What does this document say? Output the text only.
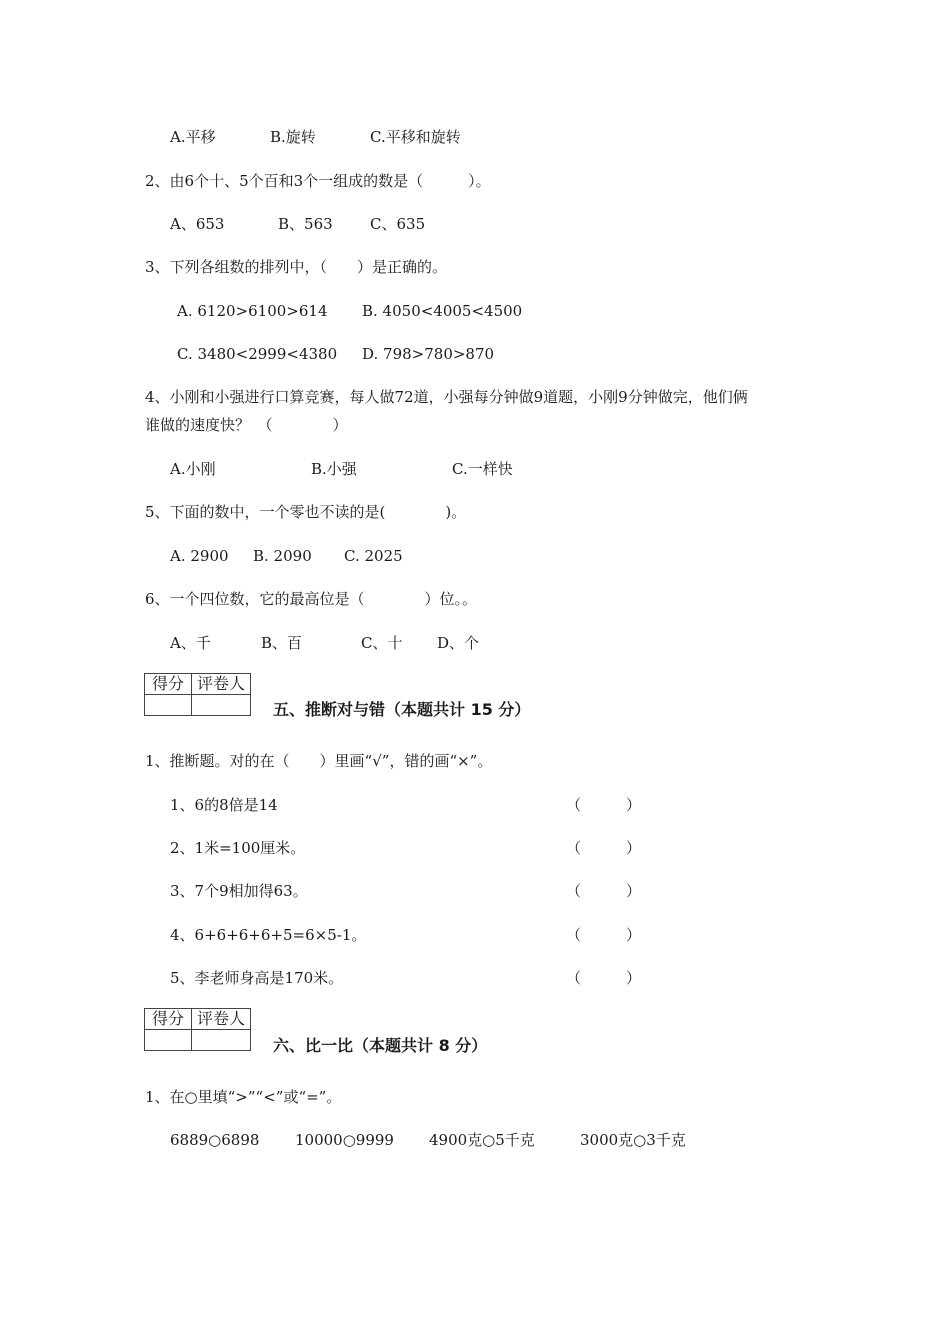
A.平移	B.旋转	C.平移和旋转
2、由6个十、5个百和3个一组成的数是（　　　）。
A、653	B、563 C、635
3、下列各组数的排列中，（　　）是正确的。
A. 6120>6100>614 B. 4050<4005<4500
C. 3480<2999<4380 D. 798>780>870
4、小刚和小强进行口算竞赛，每人做72道，小强每分钟做9道题，小刚9分钟做完，他们俩
谁做的速度快？　（　　　　）
A.小刚	B.小强	C.一样快
5、下面的数中，一个零也不读的是(　　　　)。
A. 2900 B. 2090 C. 2025
6、一个四位数，它的最高位是（　　　　）位。。
A、千	B、百	C、十 D、个
得分	评卷人

五、推断对与错（本题共计 15 分）
1、推断题。对的在（　　）里画“√”，错的画“×”。
1、6的8倍是14	（　　　）
2、1米=100厘米。	（　　　）
3、7个9相加得63。	（　　　）
4、6+6+6+6+5=6×5-1。	（　　　）
5、李老师身高是170米。	（　　　）
得分	评卷人

六、比一比（本题共计 8 分）
1、在○里填“>”“<”或“=”。
6889○6898 10000○9999 4900克○5千克	3000克○3千克
